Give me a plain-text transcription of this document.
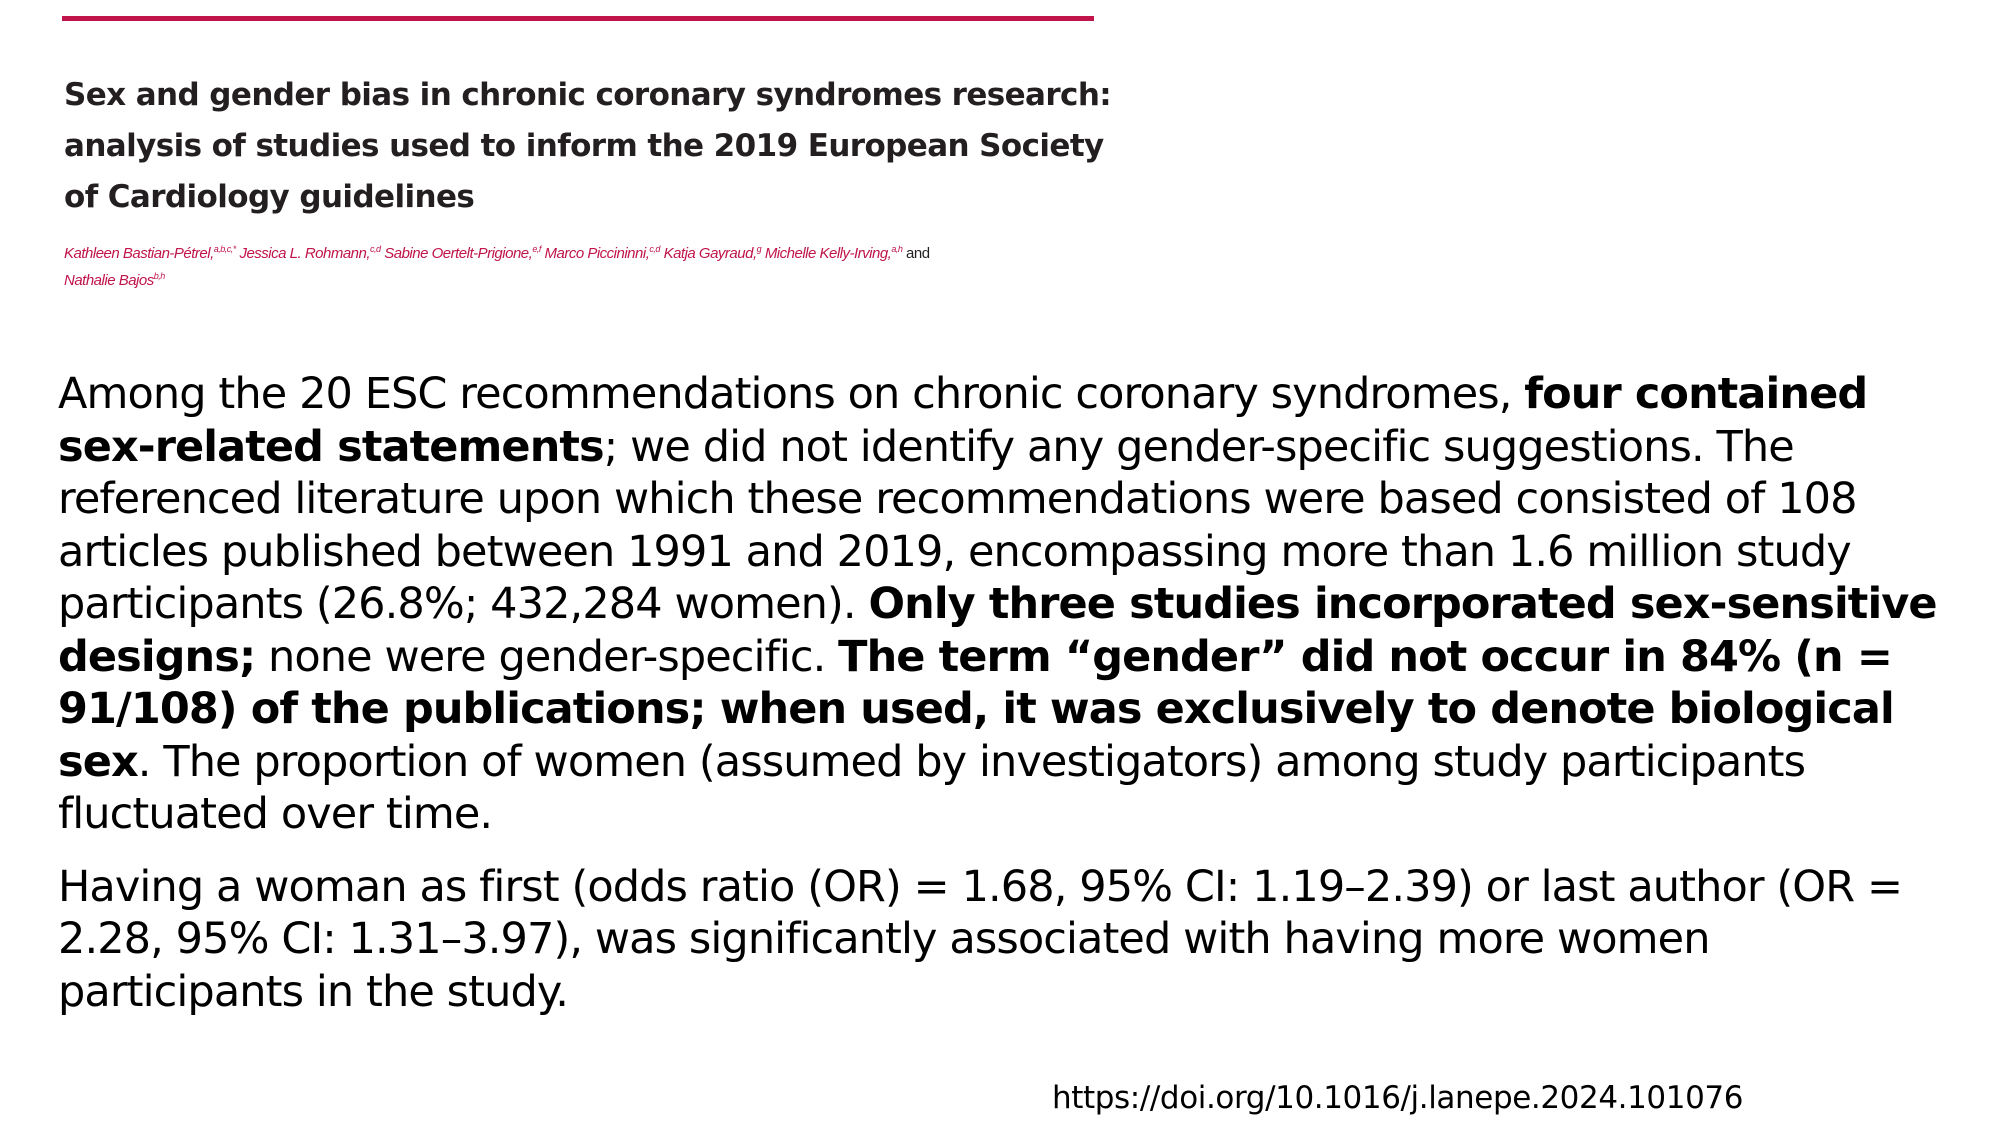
Sex and gender bias in chronic coronary syndromes research:
analysis of studies used to inform the 2019 European Society
of Cardiology guidelines
Kathleen Bastian-Pétrel,$^{a,b,c,*}$ Jessica L. Rohmann,$^{c,d}$ Sabine Oertelt-Prigione,$^{e,f}$ Marco Piccininni,$^{c,d}$ Katja Gayraud,$^g$ Michelle Kelly-Irving,$^{a,h}$ and
Nathalie Bajos$^{b,h}$

Among the 20 ESC recommendations on chronic coronary syndromes, four contained sex-related statements; we did not identify any gender-specific suggestions. The referenced literature upon which these recommendations were based consisted of 108 articles published between 1991 and 2019, encompassing more than 1.6 million study participants (26.8%; 432,284 women). Only three studies incorporated sex-sensitive designs; none were gender-specific. The term “gender” did not occur in 84% (n = 91/108) of the publications; when used, it was exclusively to denote biological sex. The proportion of women (assumed by investigators) among study participants fluctuated over time.

Having a woman as first (odds ratio (OR) = 1.68, 95% CI: 1.19–2.39) or last author (OR = 2.28, 95% CI: 1.31–3.97), was significantly associated with having more women participants in the study.

https://doi.org/10.1016/j.lanepe.2024.101076
